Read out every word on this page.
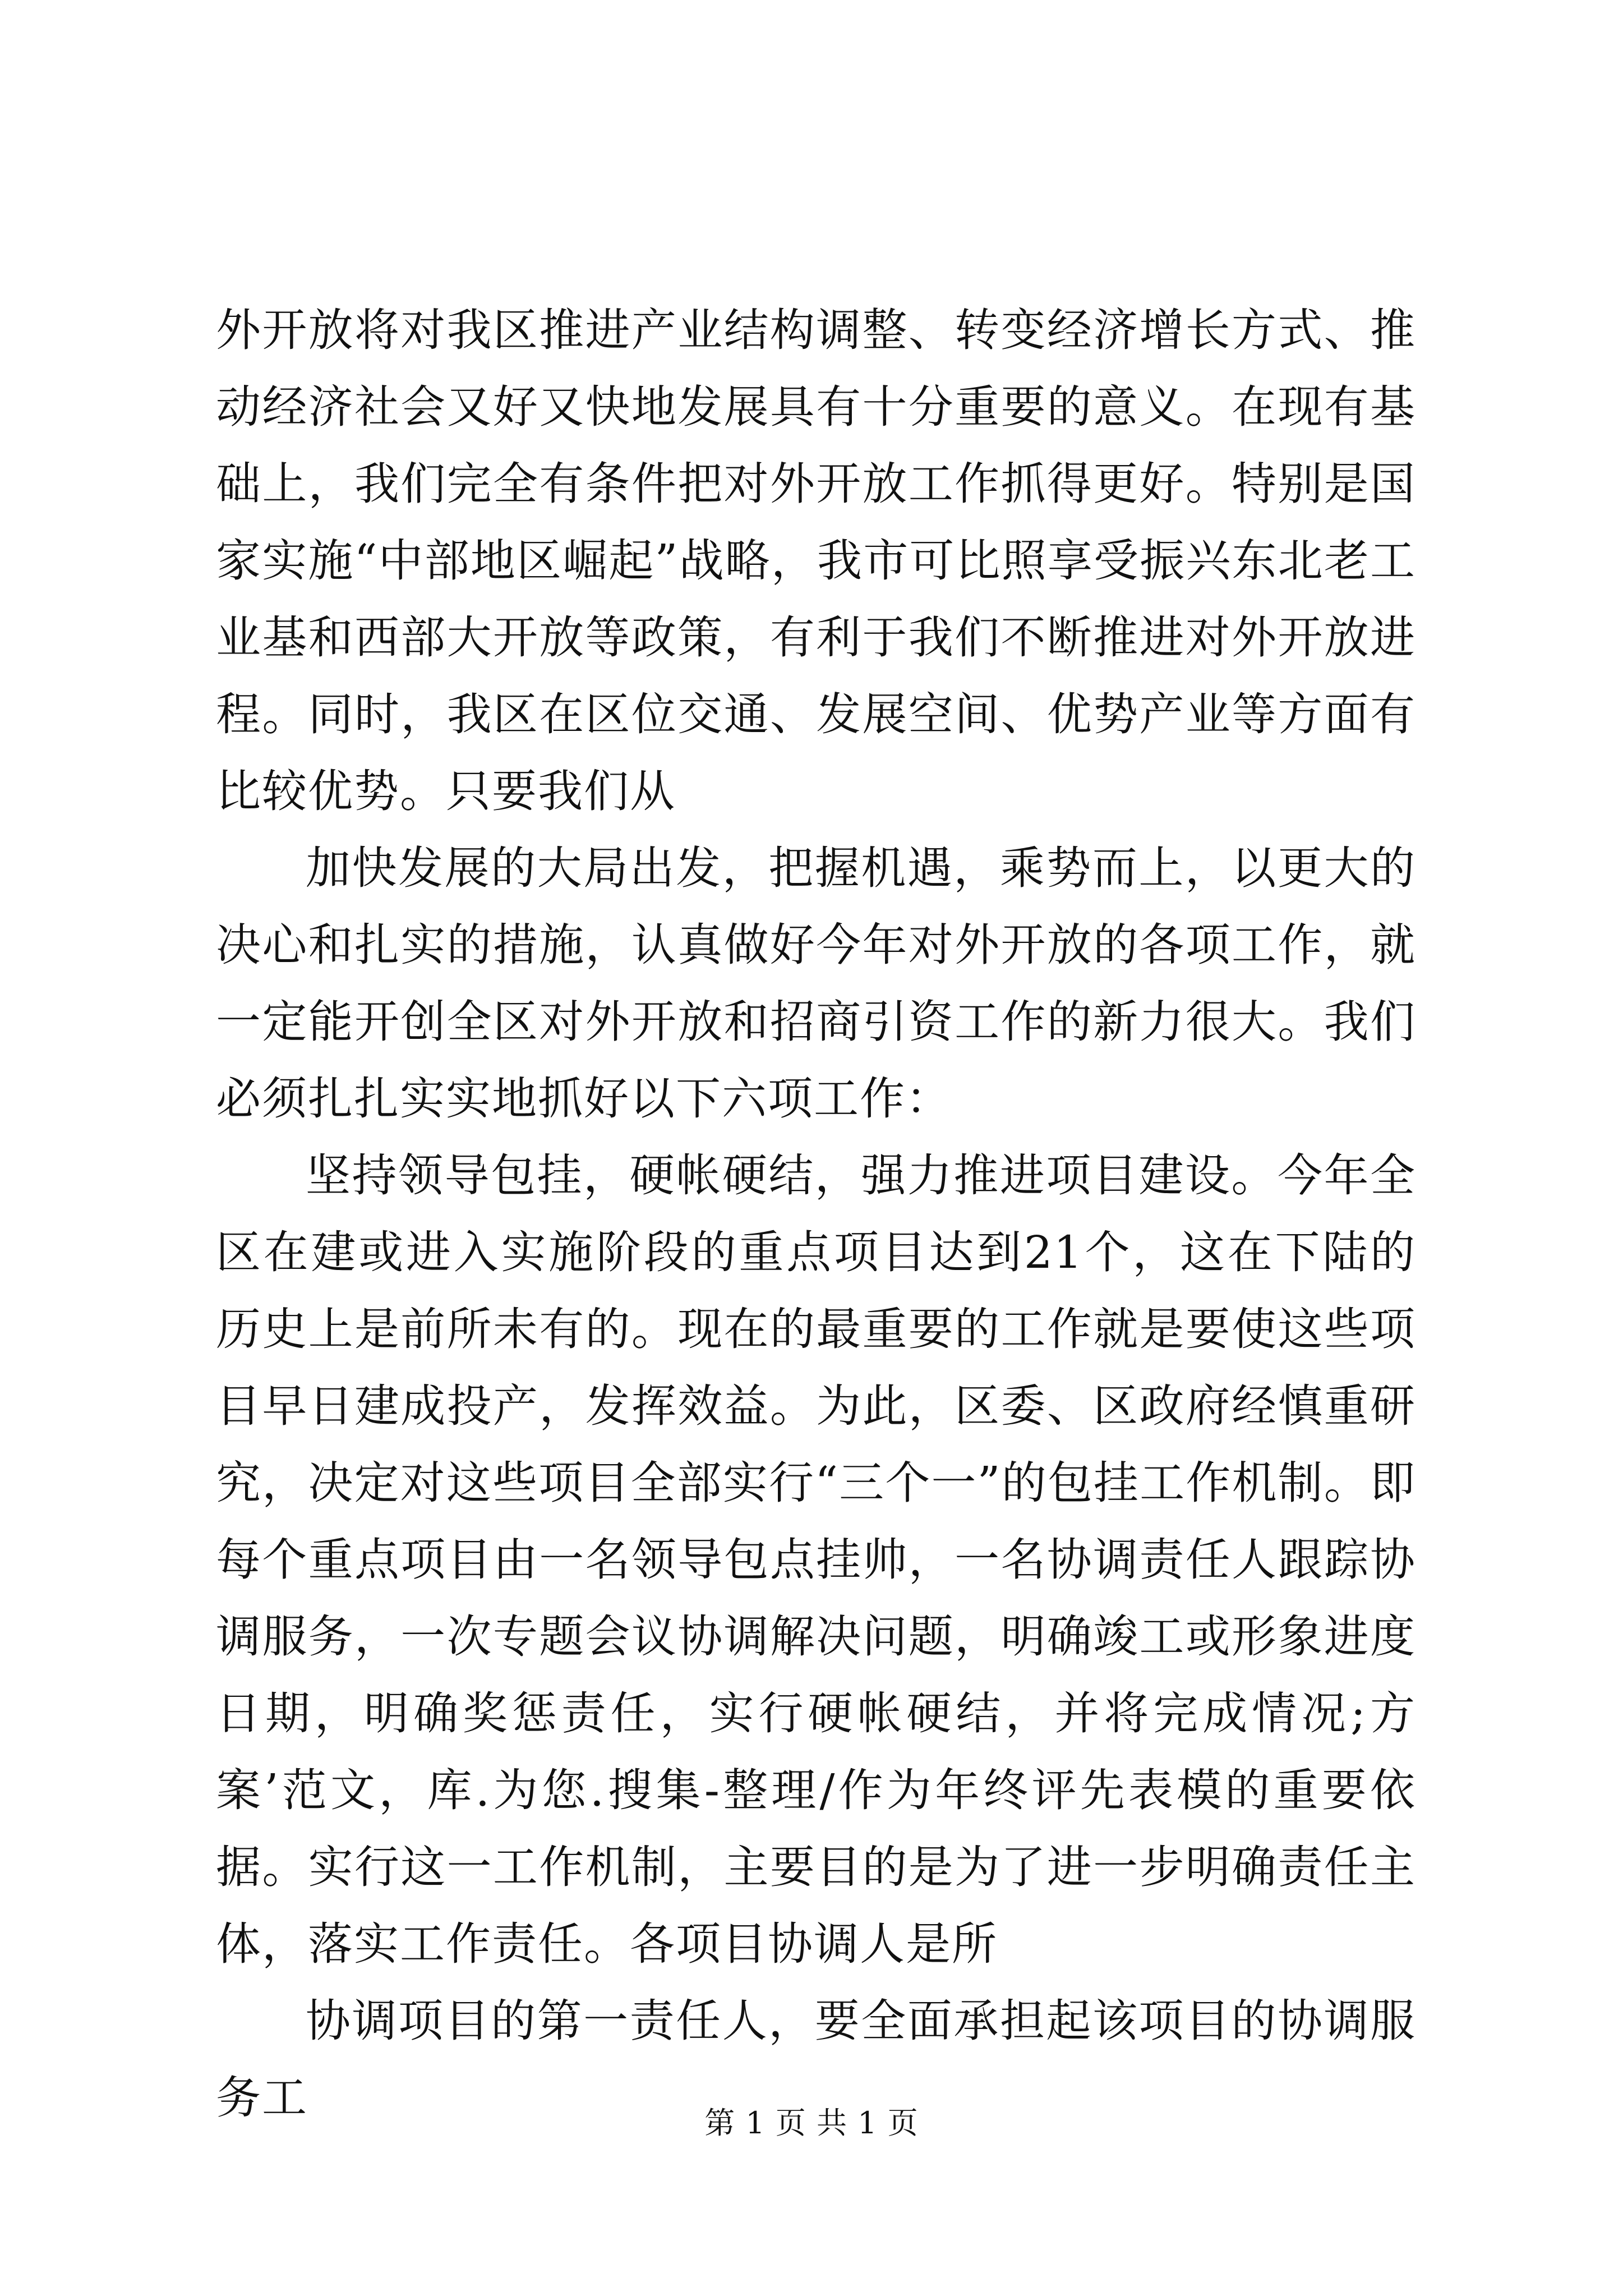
外开放将对我区推进产业结构调整、转变经济增长方式、推动经济社会又好又快地发展具有十分重要的意义。在现有基础上，我们完全有条件把对外开放工作抓得更好。特别是国家实施“中部地区崛起”战略，我市可比照享受振兴东北老工业基和西部大开放等政策，有利于我们不断推进对外开放进程。同时，我区在区位交通、发展空间、优势产业等方面有比较优势。只要我们从

加快发展的大局出发，把握机遇，乘势而上，以更大的决心和扎实的措施，认真做好今年对外开放的各项工作，就一定能开创全区对外开放和招商引资工作的新力很大。我们必须扎扎实实地抓好以下六项工作：

坚持领导包挂，硬帐硬结，强力推进项目建设。今年全区在建或进入实施阶段的重点项目达到21个，这在下陆的历史上是前所未有的。现在的最重要的工作就是要使这些项目早日建成投产，发挥效益。为此，区委、区政府经慎重研究，决定对这些项目全部实行“三个一”的包挂工作机制。即每个重点项目由一名领导包点挂帅，一名协调责任人跟踪协调服务，一次专题会议协调解决问题，明确竣工或形象进度日期，明确奖惩责任，实行硬帐硬结，并将完成情况;方案’范文，库.为您.搜集-整理/作为年终评先表模的重要依据。实行这一工作机制，主要目的是为了进一步明确责任主体，落实工作责任。各项目协调人是所

协调项目的第一责任人，要全面承担起该项目的协调服务工	第 1 页 共 1 页
